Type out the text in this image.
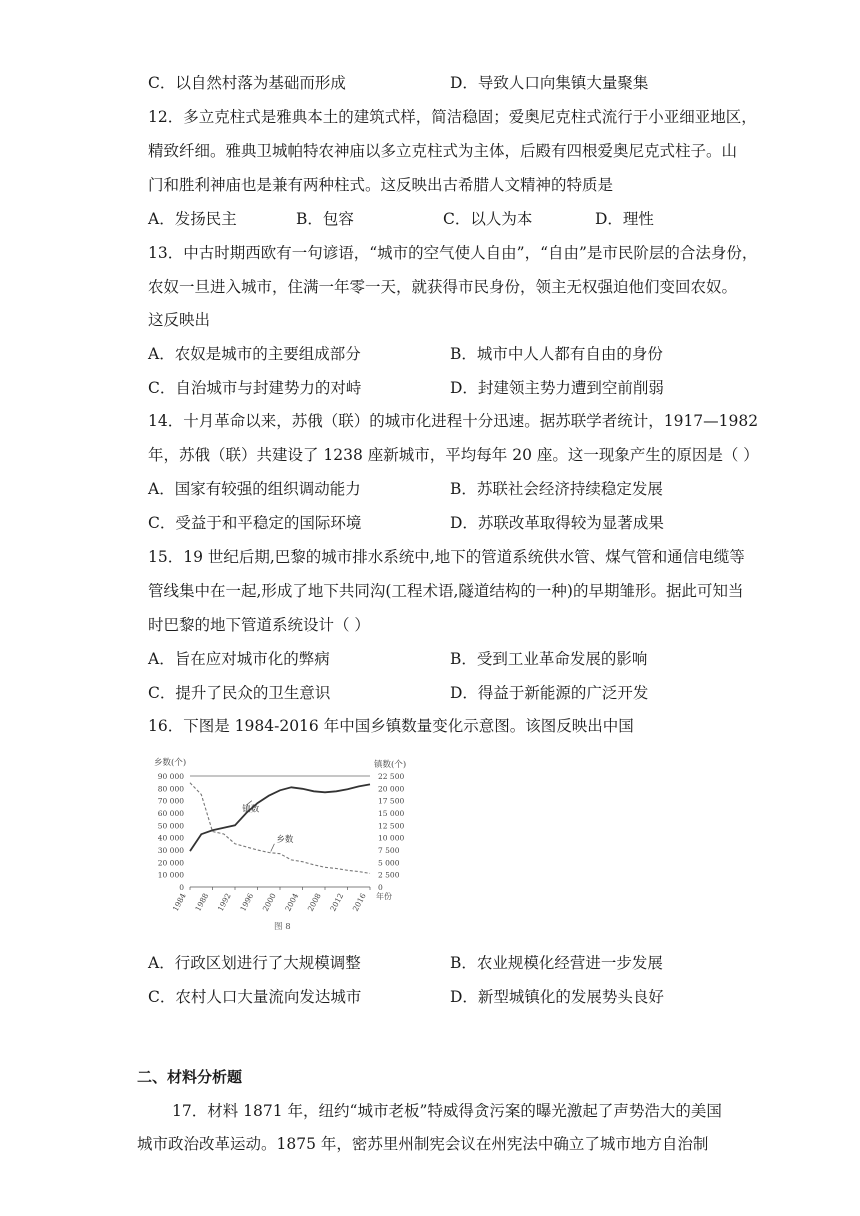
C．以自然村落为基础而形成	D．导致人口向集镇大量聚集
12．多立克柱式是雅典本土的建筑式样，简洁稳固；爱奥尼克柱式流行于小亚细亚地区，
精致纤细。雅典卫城帕特农神庙以多立克柱式为主体，后殿有四根爱奥尼克式柱子。山
门和胜利神庙也是兼有两种柱式。这反映出古希腊人文精神的特质是
A．发扬民主	B．包容	C．以人为本	D．理性
13．中古时期西欧有一句谚语，“城市的空气使人自由”，“自由”是市民阶层的合法身份，
农奴一旦进入城市，住满一年零一天，就获得市民身份，领主无权强迫他们变回农奴。
这反映出
A．农奴是城市的主要组成部分	B．城市中人人都有自由的身份
C．自治城市与封建势力的对峙	D．封建领主势力遭到空前削弱
14．十月革命以来，苏俄（联）的城市化进程十分迅速。据苏联学者统计，1917—1982
年，苏俄（联）共建设了 1238 座新城市，平均每年 20 座。这一现象产生的原因是（ ）
A．国家有较强的组织调动能力	B．苏联社会经济持续稳定发展
C．受益于和平稳定的国际环境	D．苏联改革取得较为显著成果
15．19 世纪后期,巴黎的城市排水系统中,地下的管道系统供水管、煤气管和通信电缆等
管线集中在一起,形成了地下共同沟(工程术语,隧道结构的一种)的早期雏形。据此可知当
时巴黎的地下管道系统设计（ ）
A．旨在应对城市化的弊病	B．受到工业革命发展的影响
C．提升了民众的卫生意识	D．得益于新能源的广泛开发
16．下图是 1984-2016 年中国乡镇数量变化示意图。该图反映出中国
乡数(个)	镇数(个)
0
10 000
20 000
30 000
40 000
50 000
60 000
70 000
80 000
90 000
0
2 500
5 000
7 500
10 000
12 500
15 000
17 500
20 000
22 500
1984 1988 1992 1996 2000 2004 2008 2012 2016 年份
镇数
乡数
图 8
A．行政区划进行了大规模调整	B．农业规模化经营进一步发展
C．农村人口大量流向发达城市	D．新型城镇化的发展势头良好
二、材料分析题
17．材料 1871 年，纽约“城市老板”特威得贪污案的曝光激起了声势浩大的美国
城市政治改革运动。1875 年，密苏里州制宪会议在州宪法中确立了城市地方自治制
